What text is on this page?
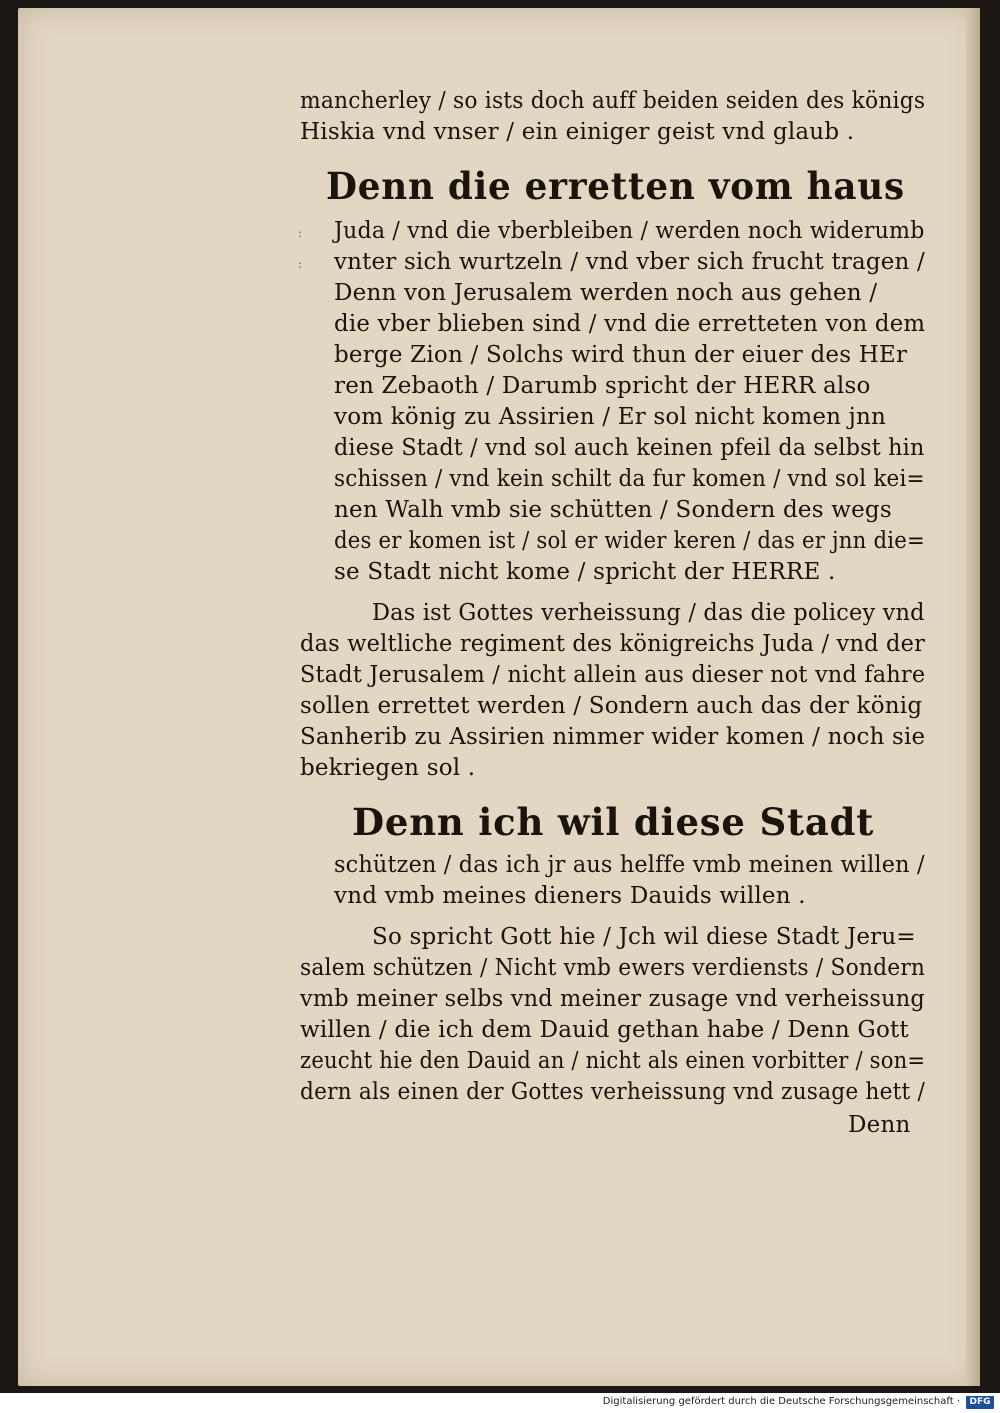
mancherley / so ists doch auff beiden seiden des königs
Hiskia vnd vnser / ein einiger geist vnd glaub .
Denn die erretten vom haus
:
:
Juda / vnd die vberbleiben / werden noch widerumb
vnter sich wurtzeln / vnd vber sich frucht tragen /
Denn von Jerusalem werden noch aus gehen /
die vber blieben sind / vnd die erretteten von dem
berge Zion / Solchs wird thun der eiuer des HEr
ren Zebaoth / Darumb spricht der HERR also
vom könig zu Assirien / Er sol nicht komen jnn
diese Stadt / vnd sol auch keinen pfeil da selbst hin
schissen / vnd kein schilt da fur komen / vnd sol kei=
nen Walh vmb sie schütten / Sondern des wegs
des er komen ist / sol er wider keren / das er jnn die=
se Stadt nicht kome / spricht der HERRE .
Das ist Gottes verheissung / das die policey vnd
das weltliche regiment des königreichs Juda / vnd der
Stadt Jerusalem / nicht allein aus dieser not vnd fahre
sollen errettet werden / Sondern auch das der könig
Sanherib zu Assirien nimmer wider komen / noch sie
bekriegen sol .
Denn ich wil diese Stadt
schützen / das ich jr aus helffe vmb meinen willen /
vnd vmb meines dieners Dauids willen .
So spricht Gott hie / Jch wil diese Stadt Jeru=
salem schützen / Nicht vmb ewers verdiensts / Sondern
vmb meiner selbs vnd meiner zusage vnd verheissung
willen / die ich dem Dauid gethan habe / Denn Gott
zeucht hie den Dauid an / nicht als einen vorbitter / son=
dern als einen der Gottes verheissung vnd zusage hett /
Denn
Digitalisierung gefördert durch die Deutsche Forschungsgemeinschaft ·	DFG
